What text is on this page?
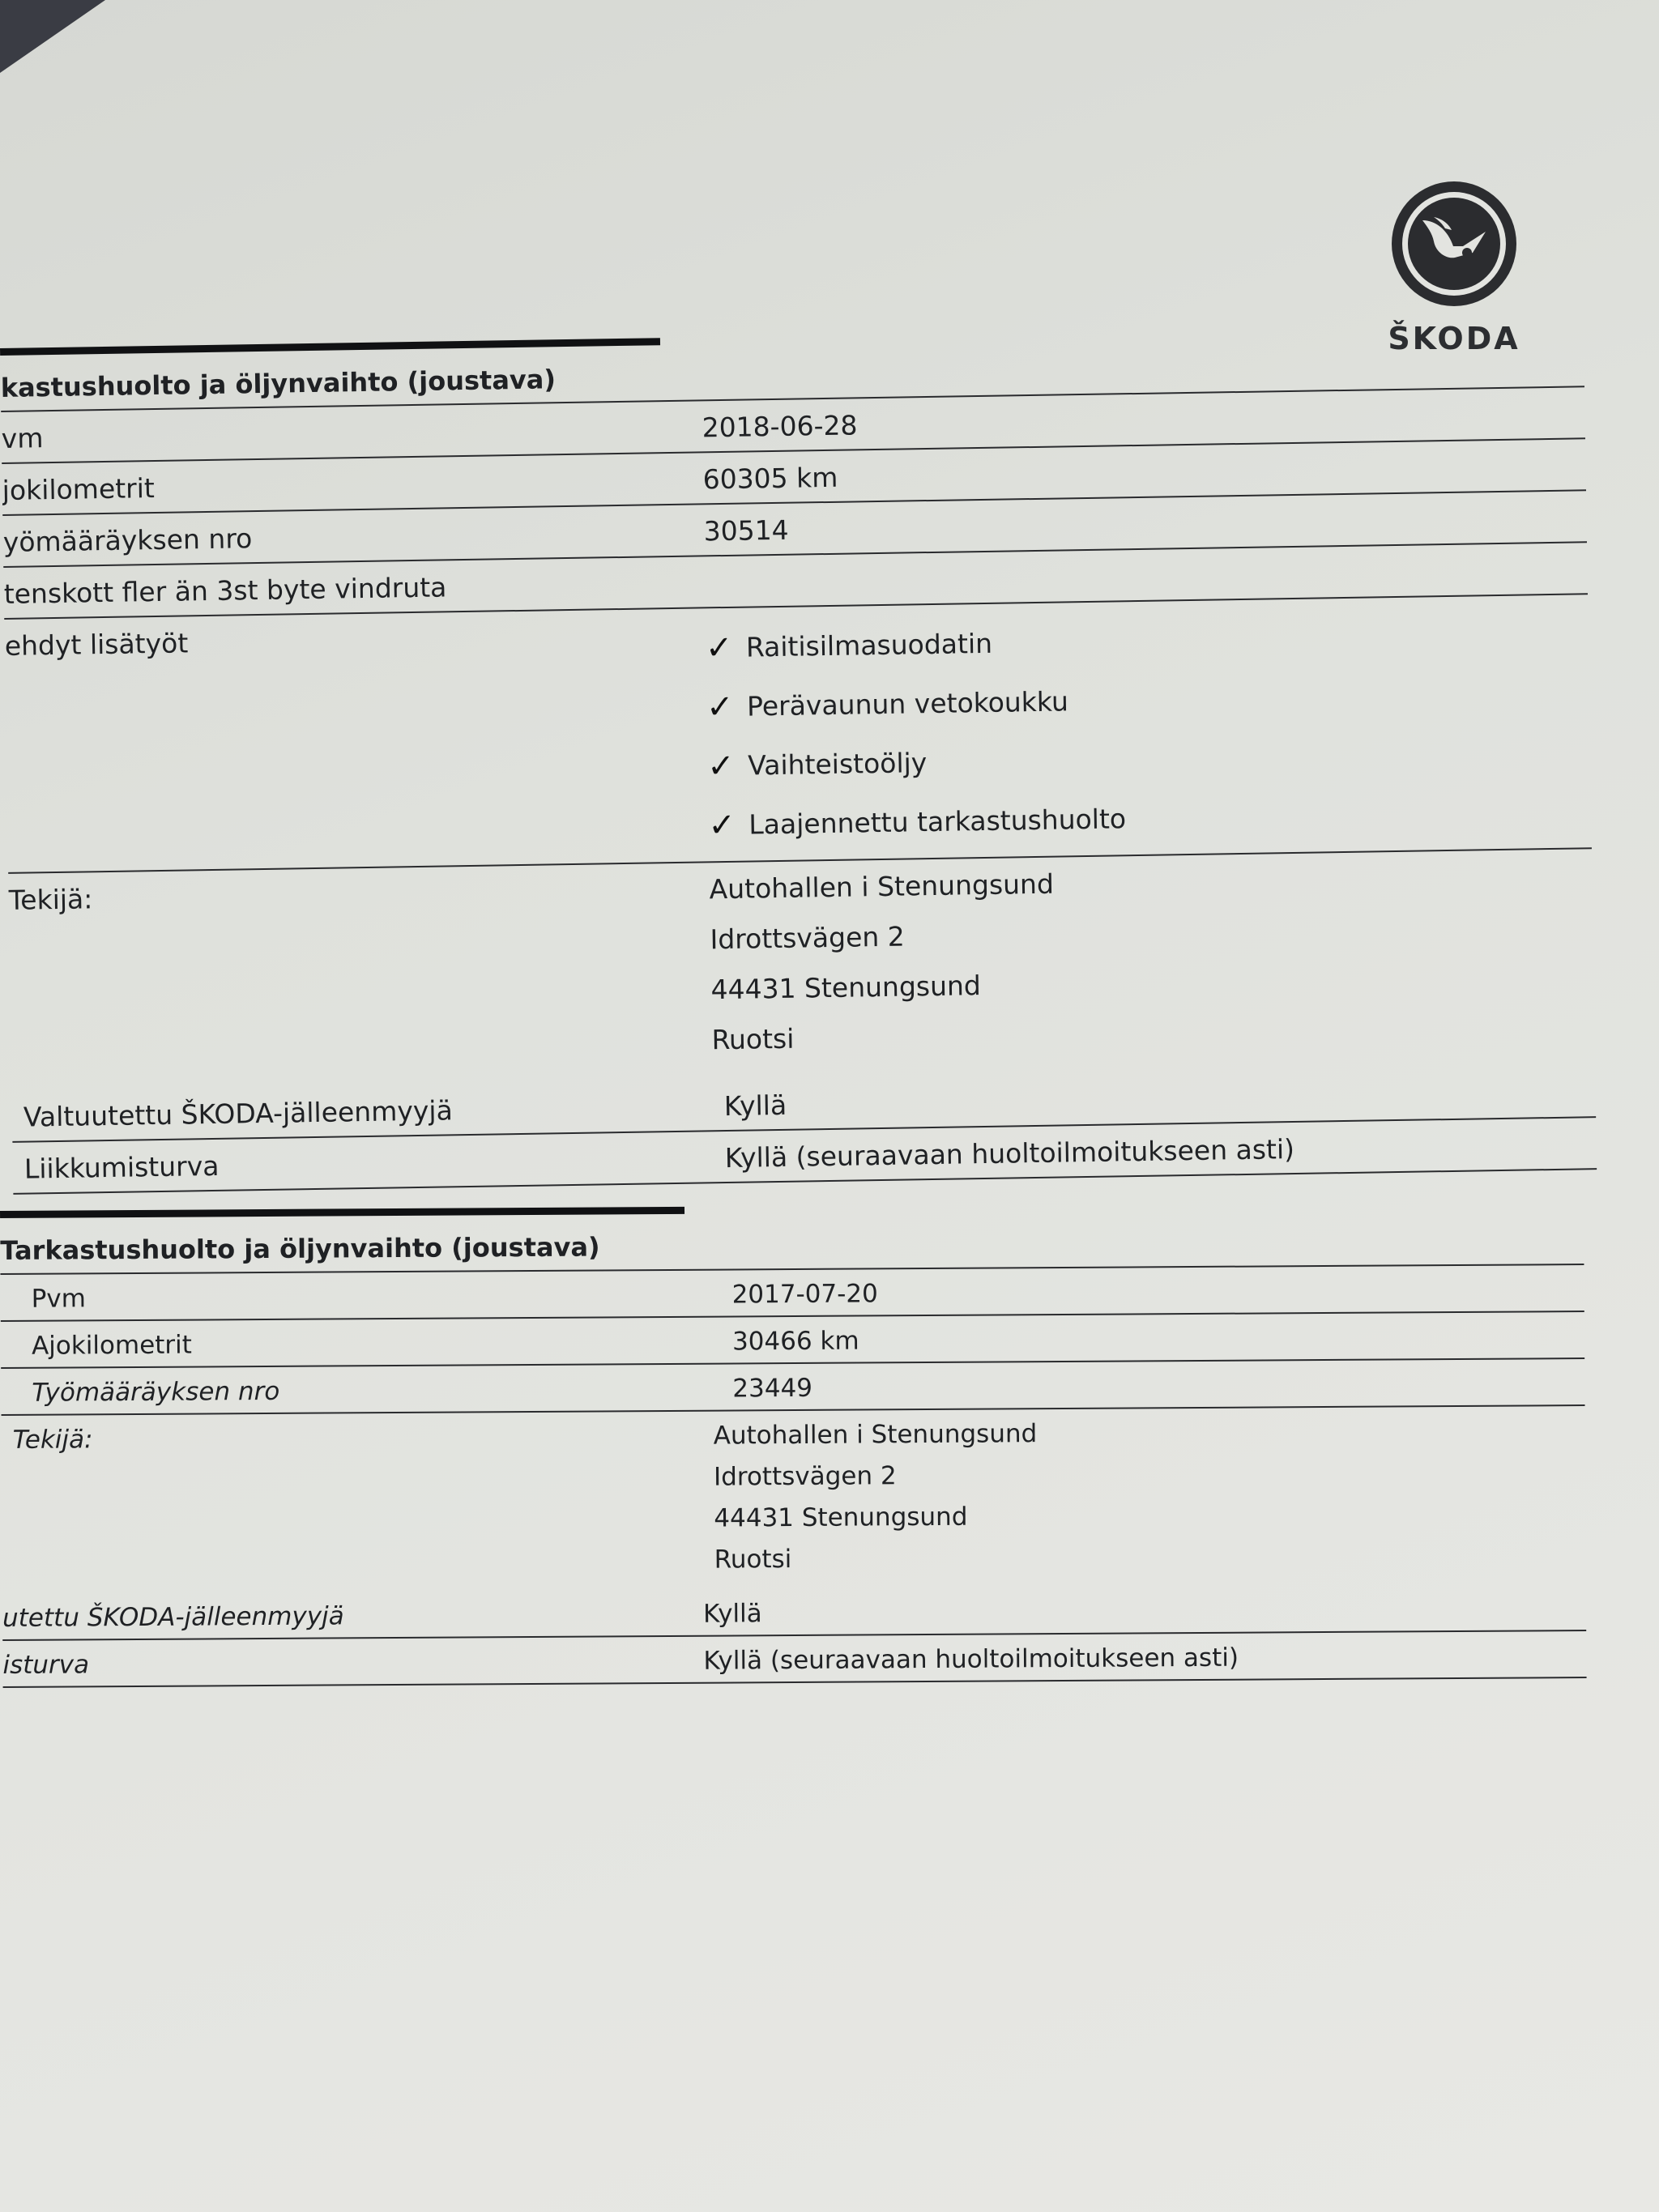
ŠKODA
kastushuolto ja öljynvaihto (joustava)
vm	2018-06-28
jokilometrit	60305 km
yömääräyksen nro	30514
tenskott fler än 3st byte vindruta
ehdyt lisätyöt	✓ Raitisilmasuodatin
✓ Perävaunun vetokoukku
✓ Vaihteistoöljy
✓ Laajennettu tarkastushuolto
Tekijä:	Autohallen i Stenungsund
Idrottsvägen 2
44431 Stenungsund
Ruotsi
Valtuutettu ŠKODA-jälleenmyyjä	Kyllä
Liikkumisturva	Kyllä (seuraavaan huoltoilmoitukseen asti)
Tarkastushuolto ja öljynvaihto (joustava)
Pvm	2017-07-20
Ajokilometrit	30466 km
Työmääräyksen nro	23449
Tekijä:	Autohallen i Stenungsund
Idrottsvägen 2
44431 Stenungsund
Ruotsi
utettu ŠKODA-jälleenmyyjä	Kyllä
isturva	Kyllä (seuraavaan huoltoilmoitukseen asti)
